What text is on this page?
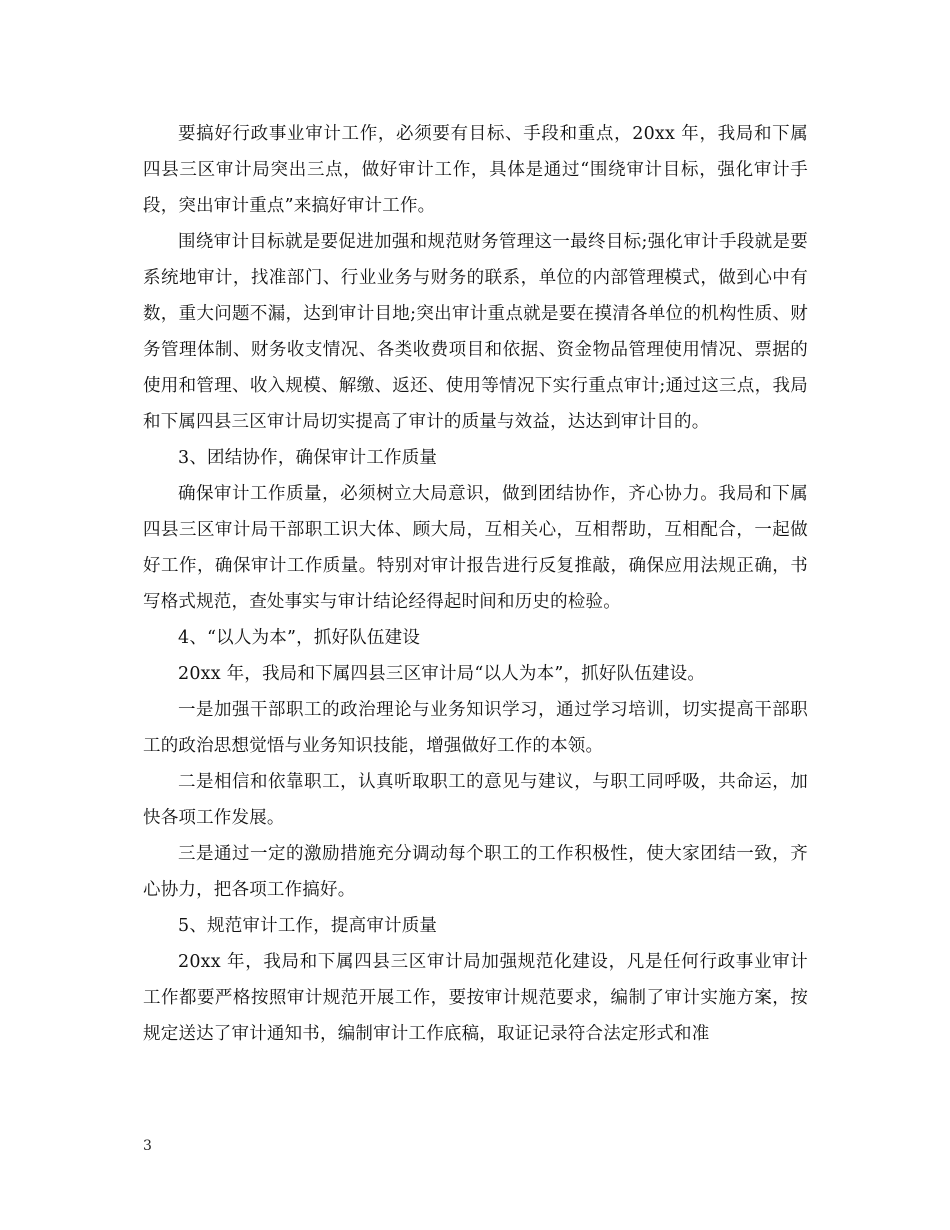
要搞好行政事业审计工作，必须要有目标、手段和重点，20xx 年，我局和下属四县三区审计局突出三点，做好审计工作，具体是通过“围绕审计目标，强化审计手段，突出审计重点”来搞好审计工作。

围绕审计目标就是要促进加强和规范财务管理这一最终目标;强化审计手段就是要系统地审计，找准部门、行业业务与财务的联系，单位的内部管理模式，做到心中有数，重大问题不漏，达到审计目地;突出审计重点就是要在摸清各单位的机构性质、财务管理体制、财务收支情况、各类收费项目和依据、资金物品管理使用情况、票据的使用和管理、收入规模、解缴、返还、使用等情况下实行重点审计;通过这三点，我局和下属四县三区审计局切实提高了审计的质量与效益，达达到审计目的。

3、团结协作，确保审计工作质量

确保审计工作质量，必须树立大局意识，做到团结协作，齐心协力。我局和下属四县三区审计局干部职工识大体、顾大局，互相关心，互相帮助，互相配合，一起做好工作，确保审计工作质量。特别对审计报告进行反复推敲，确保应用法规正确，书写格式规范，查处事实与审计结论经得起时间和历史的检验。

4、“以人为本”，抓好队伍建设

20xx 年，我局和下属四县三区审计局“以人为本”，抓好队伍建设。

一是加强干部职工的政治理论与业务知识学习，通过学习培训，切实提高干部职工的政治思想觉悟与业务知识技能，增强做好工作的本领。

二是相信和依靠职工，认真听取职工的意见与建议，与职工同呼吸，共命运，加快各项工作发展。

三是通过一定的激励措施充分调动每个职工的工作积极性，使大家团结一致，齐心协力，把各项工作搞好。

5、规范审计工作，提高审计质量

20xx 年，我局和下属四县三区审计局加强规范化建设，凡是任何行政事业审计工作都要严格按照审计规范开展工作，要按审计规范要求，编制了审计实施方案，按规定送达了审计通知书，编制审计工作底稿，取证记录符合法定形式和准

3
